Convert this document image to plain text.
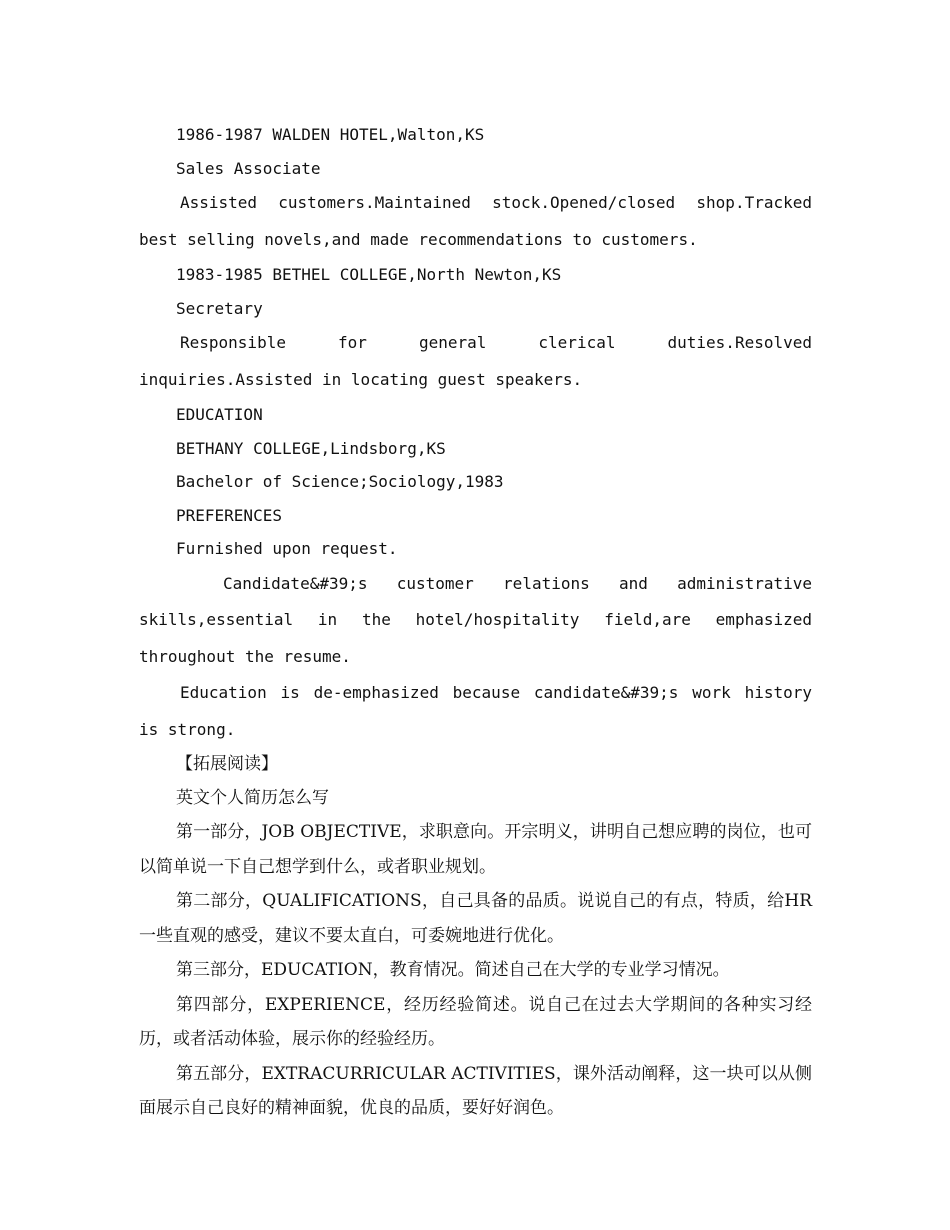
1986-1987 WALDEN HOTEL,Walton,KS
Sales Associate

Assisted customers.Maintained stock.Opened/closed shop.Tracked best selling novels,and made recommendations to customers.

1983-1985 BETHEL COLLEGE,North Newton,KS
Secretary

Responsible for general clerical duties.Resolved inquiries.Assisted in locating guest speakers.

EDUCATION
BETHANY COLLEGE,Lindsborg,KS
Bachelor of Science;Sociology,1983
PREFERENCES
Furnished upon request.

Candidate&#39;s customer relations and administrative skills,essential in the hotel/hospitality field,are emphasized throughout the resume.

Education is de-emphasized because candidate&#39;s work history is strong.

【拓展阅读】
英文个人简历怎么写

第一部分，JOB OBJECTIVE，求职意向。开宗明义，讲明自己想应聘的岗位，也可以简单说一下自己想学到什么，或者职业规划。

第二部分，QUALIFICATIONS，自己具备的品质。说说自己的有点，特质，给HR一些直观的感受，建议不要太直白，可委婉地进行优化。

第三部分，EDUCATION，教育情况。简述自己在大学的专业学习情况。

第四部分，EXPERIENCE，经历经验简述。说自己在过去大学期间的各种实习经历，或者活动体验，展示你的经验经历。

第五部分，EXTRACURRICULAR ACTIVITIES，课外活动阐释，这一块可以从侧面展示自己良好的精神面貌，优良的品质，要好好润色。
